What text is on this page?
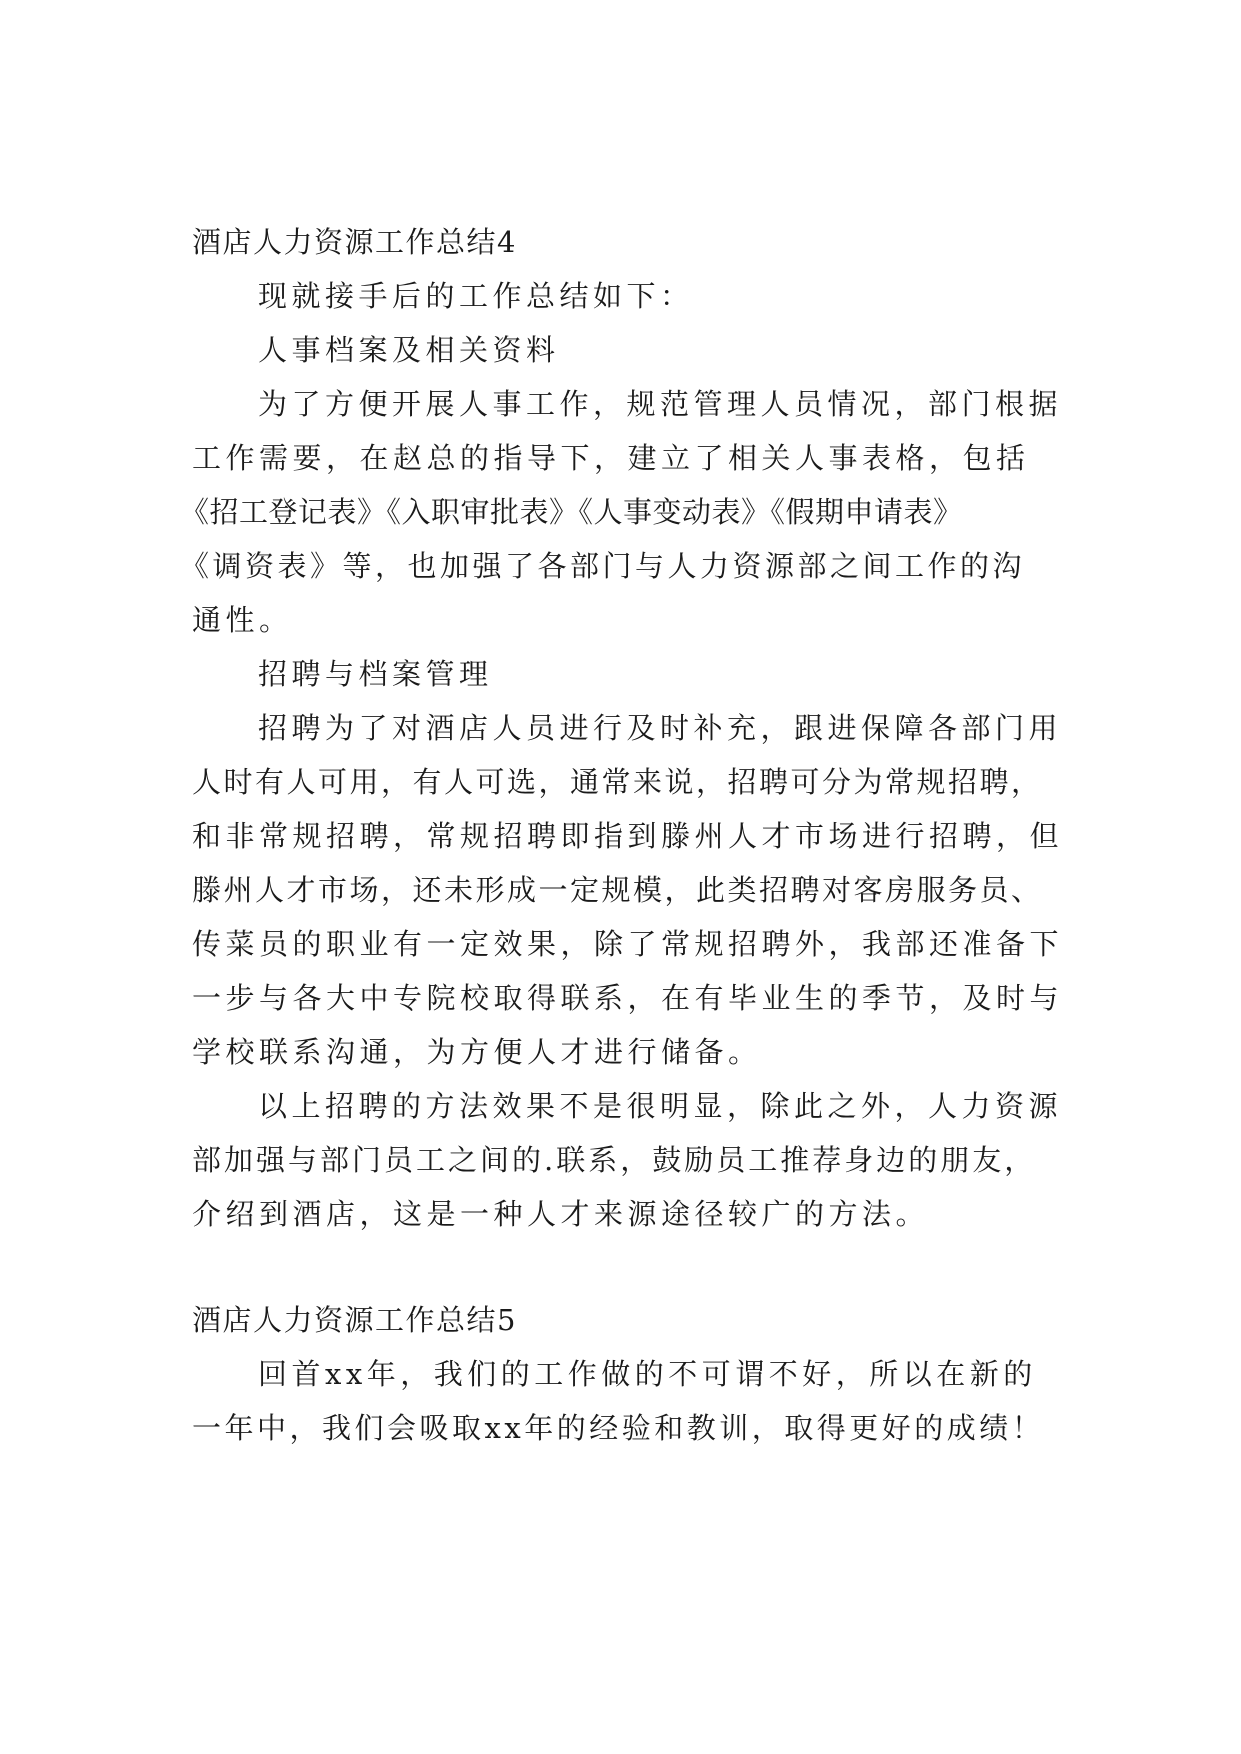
酒店人力资源工作总结4
现就接手后的工作总结如下：
人事档案及相关资料
为了方便开展人事工作，规范管理人员情况，部门根据
工作需要，在赵总的指导下，建立了相关人事表格，包括
《招工登记表》《入职审批表》《人事变动表》《假期申请表》
《调资表》等，也加强了各部门与人力资源部之间工作的沟
通性。
招聘与档案管理
招聘为了对酒店人员进行及时补充，跟进保障各部门用
人时有人可用，有人可选，通常来说，招聘可分为常规招聘，
和非常规招聘，常规招聘即指到滕州人才市场进行招聘，但
滕州人才市场，还未形成一定规模，此类招聘对客房服务员、
传菜员的职业有一定效果，除了常规招聘外，我部还准备下
一步与各大中专院校取得联系，在有毕业生的季节，及时与
学校联系沟通，为方便人才进行储备。
以上招聘的方法效果不是很明显，除此之外，人力资源
部加强与部门员工之间的.联系，鼓励员工推荐身边的朋友，
介绍到酒店，这是一种人才来源途径较广的方法。
酒店人力资源工作总结5
回首xx年，我们的工作做的不可谓不好，所以在新的
一年中，我们会吸取xx年的经验和教训，取得更好的成绩！
